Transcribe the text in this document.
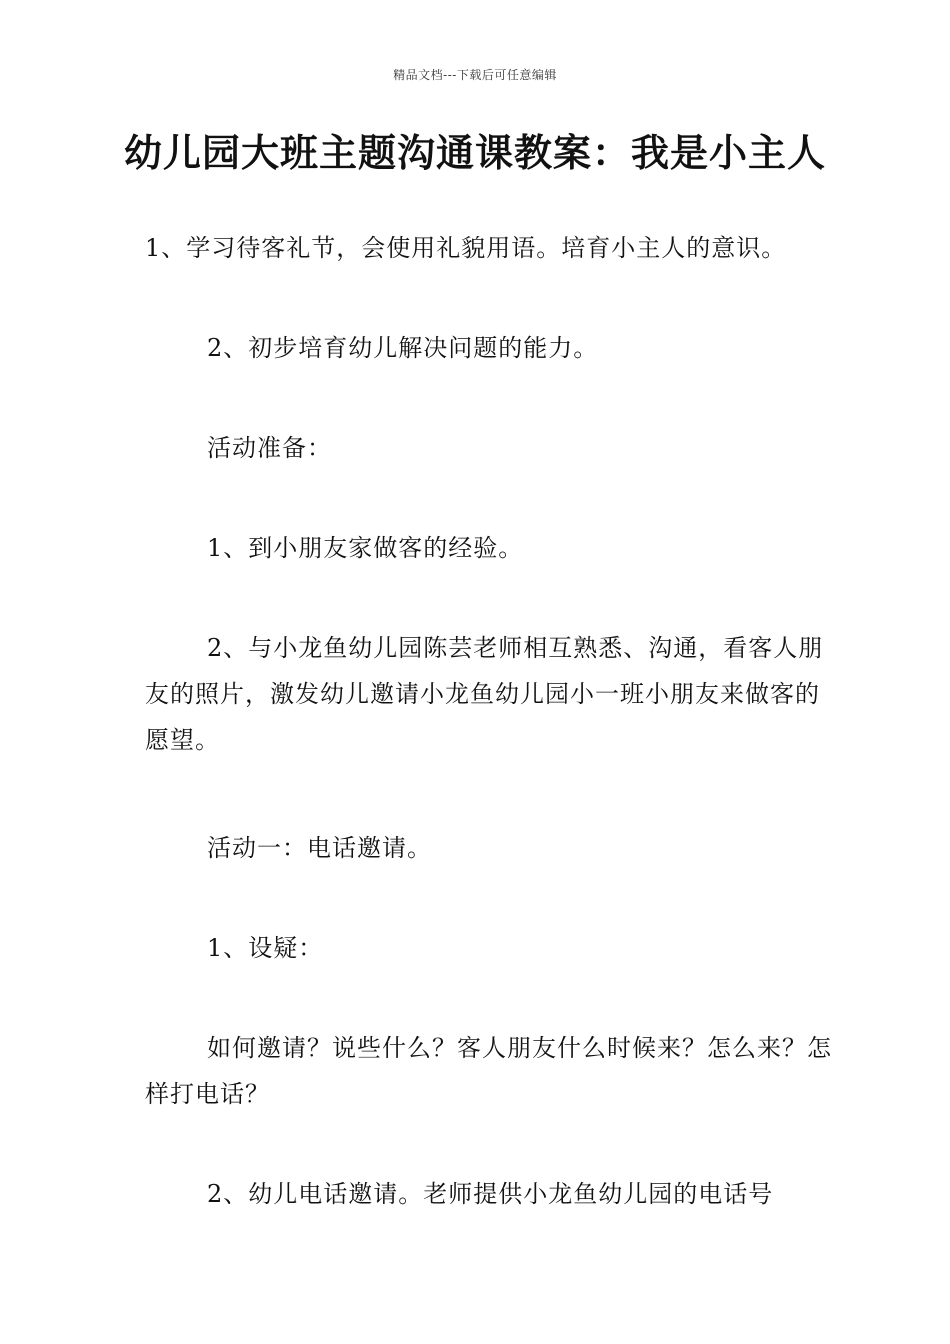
精品文档---下载后可任意编辑
幼儿园大班主题沟通课教案：我是小主人

1、学习待客礼节，会使用礼貌用语。培育小主人的意识。

2、初步培育幼儿解决问题的能力。

活动准备：

1、到小朋友家做客的经验。

2、与小龙鱼幼儿园陈芸老师相互熟悉、沟通，看客人朋友的照片，激发幼儿邀请小龙鱼幼儿园小一班小朋友来做客的愿望。

活动一：电话邀请。

1、设疑：

如何邀请？说些什么？客人朋友什么时候来？怎么来？怎样打电话？

2、幼儿电话邀请。老师提供小龙鱼幼儿园的电话号
